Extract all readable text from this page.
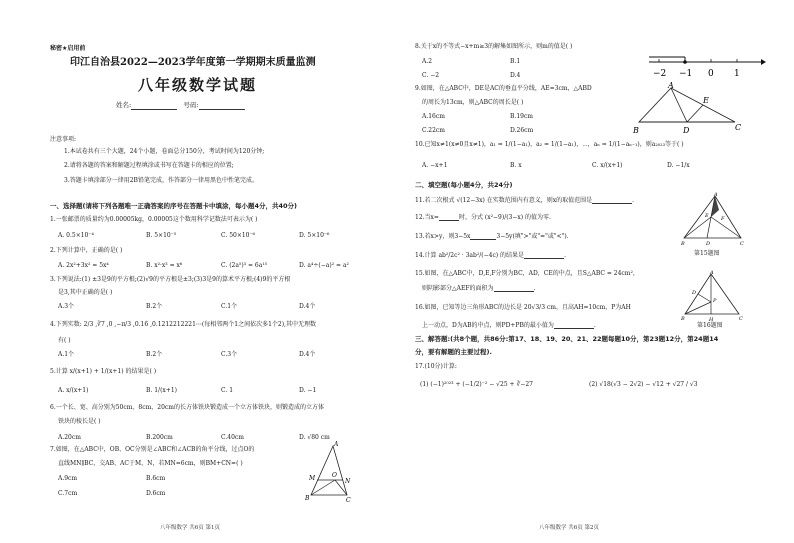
秘密★启用前
印江自治县2022—2023学年度第一学期期末质量监测
八年级数学试题
姓名:	号码:
注意事项:
1.本试卷共有三个大题，24个小题，卷面总分150分，考试时间为120分钟;
2.请将各题的答案和解题过程填涂或书写在答题卡的相应的位置;
3.答题卡填涂部分一律用2B铅笔完成，作答部分一律用黑色中性笔完成。
一、选择题(请将下列各题唯一正确答案的序号在答题卡中填涂，每小题4分，共40分)
1.一张邮票的质量约为0.00005kg，0.00005这个数用科学记数法可表示为( )
A. 0.5×10⁻⁴	B. 5×10⁻⁵	C. 50×10⁻⁶	D. 5×10⁻⁶
2.下列计算中，正确的是( )
A. 2x²+3x² = 5x⁴	B. x²·x³ = x⁶	C. (2a⁵)³ = 6a¹⁵	D. a⁴÷(−a)² = a²
3.下列说法:(1) ±3是9的平方根;(2)√9的平方根是±3;(3)3是9的算术平方根;(4)9的平方根
是3,其中正确的是( )
A.3个	B.2个	C.1个	D.4个
4.下列实数: 2/3 ,∛7 ,0 ,−π/3 ,0.16̇ ,0.1212212221⋯(每相邻两个1之间依次多1个2),其中无理数
有( )
A.1个	B.2个	C.3个	D.4个
5.计算 x/(x+1) + 1/(x+1) 的结果是( )
A. x/(x+1)	B. 1/(x+1)	C. 1	D. −1
6.一个长、宽、高分别为50cm、8cm、20cm的长方体铁块锻造成一个立方体铁块，则锻造成的立方体
铁块的棱长是( )
A.20cm	B.200cm	C.40cm	D. √80 cm
7.如图，在△ABC中，OB、OC分别是∠ABC和∠ACB的角平分线，过点O的
直线MN∥BC，交AB、AC于M、N，若MN=6cm，则BM+CN=( )
A.9cm	B.6cm
C.7cm	D.6cm
A
M	O
N
B	C
八年级数学 共6页 第1页
8.关于x的不等式−x+m≥3的解集如图所示，则m的值是( )
A.2	B.1
C. −2	D.4	−2 −1 0 1
9.如图，在△ABC中，DE是AC的垂直平分线，AE=3cm，△ABD
的周长为13cm，则△ABC的周长是( )
A.16cm	B.19cm
C.22cm	D.26cm
A
E
B	D	C
10.已知x≠1(x≠0且x≠1)，a₁ = 1/(1−a₁)，a₂ = 1/(1−a₁)，⋯，aₙ = 1/(1−aₙ₋₁)，则a₂₀₂₃等于( )
A. −x+1	B. x	C. x/(x+1)	D. −1/x
二、填空题(每小题4分，共24分)
11.若二次根式 √(12−3x) 在实数范围内有意义，则x的取值范围是	.
12.当x=	时，分式 (x²−9)/(3−x) 的值为零.
13.若x>y，则3−5x	3−5y(填">"或"="或"<").
14.计算 ab²/2c² · 3ab²/(−4c) 的结果是	.
15.如图，在△ABC中，D,E,F分别为BC，AD，CE的中点，且S△ABC = 24cm²，
则阴影部分△AEF的面积为	.
16.如图，已知等边三角形ABC的边长是 20√3/3 cm，且高AH=10cm，P为AH
上一动点，D为AB的中点，则PD+PB的最小值为	.
A
E F
B	D	C
第15题图
A
D
P
B	H	C
第16题图
三、解答题:(共8个题，共86分:第17、18、19、20、21、22题每题10分，第23题12分，第24题14
分，要有解题的主要过程).
17.(10分)计算:
(1) (−1)²⁰²³ + (−1/2)⁻² − √25 + ∛−27	(2) √18(√3 − 2√2) − √12 + √27 / √3
八年级数学 共6页 第2页
